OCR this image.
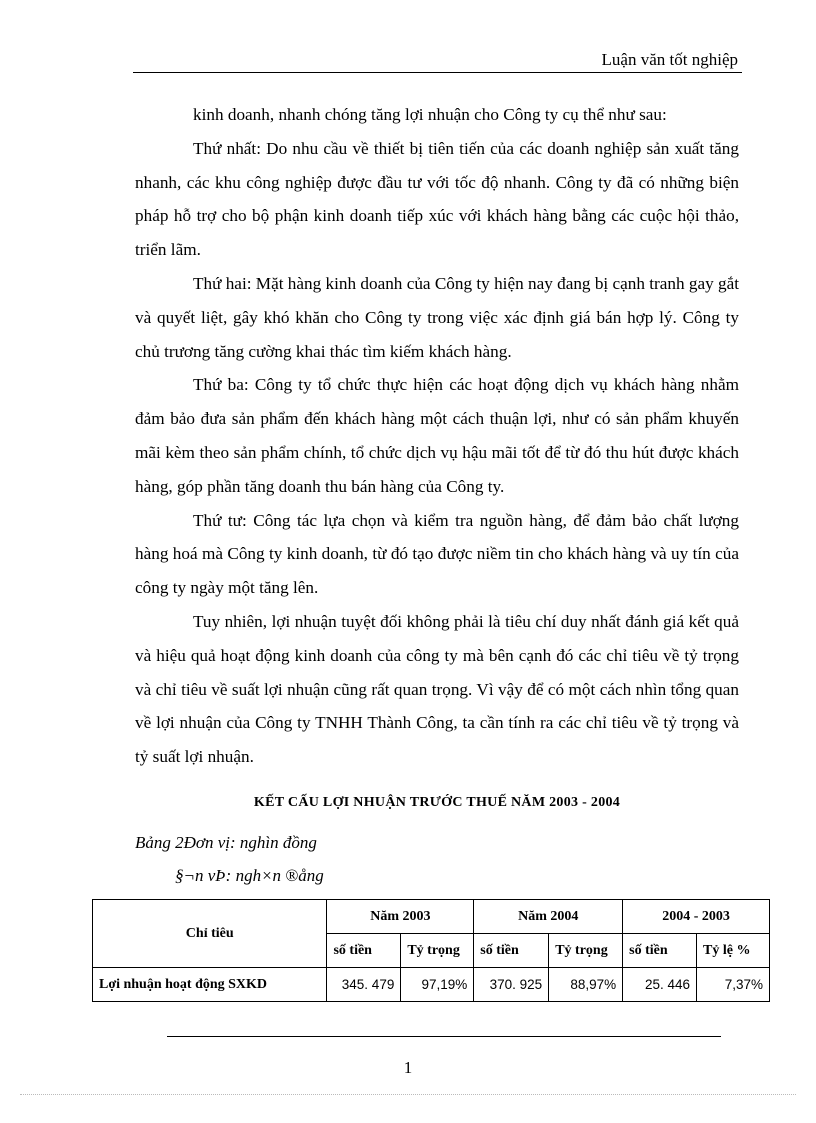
Luận văn tốt nghiệp

kinh doanh, nhanh chóng tăng lợi nhuận cho Công ty cụ thể như sau:

Thứ nhất: Do nhu cầu về thiết bị tiên tiến của các doanh nghiệp sản xuất tăng nhanh, các khu công nghiệp được đầu tư với tốc độ nhanh. Công ty đã có những biện pháp hỗ trợ cho bộ phận kinh doanh tiếp xúc với khách hàng bằng các cuộc hội thảo, triển lãm.

Thứ hai: Mặt hàng kinh doanh của Công ty hiện nay đang bị cạnh tranh gay gắt và quyết liệt, gây khó khăn cho Công ty trong việc xác định giá bán hợp lý. Công ty chủ trương tăng cường khai thác tìm kiếm khách hàng.

Thứ ba: Công ty tổ chức thực hiện các hoạt động dịch vụ khách hàng nhằm đảm bảo đưa sản phẩm đến khách hàng một cách thuận lợi, như có sản phẩm khuyến mãi kèm theo sản phẩm chính, tổ chức dịch vụ hậu mãi tốt để từ đó thu hút được khách hàng, góp phần tăng doanh thu bán hàng của Công ty.

Thứ tư: Công tác lựa chọn và kiểm tra nguồn hàng, để đảm bảo chất lượng hàng hoá mà Công ty kinh doanh, từ đó tạo được niềm tin cho khách hàng và uy tín của công ty ngày một tăng lên.

Tuy nhiên, lợi nhuận tuyệt đối không phải là tiêu chí duy nhất đánh giá kết quả và hiệu quả hoạt động kinh doanh của công ty mà bên cạnh đó các chỉ tiêu về tỷ trọng và chỉ tiêu về suất lợi nhuận cũng rất quan trọng. Vì vậy để có một cách nhìn tổng quan về lợi nhuận của Công ty TNHH Thành Công, ta cần tính ra các chỉ tiêu về tỷ trọng và tỷ suất lợi nhuận.

KẾT CẤU LỢI NHUẬN TRƯỚC THUẾ NĂM 2003 - 2004
Bảng 2Đơn vị: nghìn đồng
§¬n vÞ: ngh×n ®ång
Chỉ tiêu	Năm 2003		Năm 2004		2004 - 2003	
	số tiền	Tỷ trọng	số tiền	Tỷ trọng	số tiền	Tỷ lệ %
Lợi nhuận hoạt động SXKD	345. 479	97,19%	370. 925	88,97%	25. 446	7,37%
1
